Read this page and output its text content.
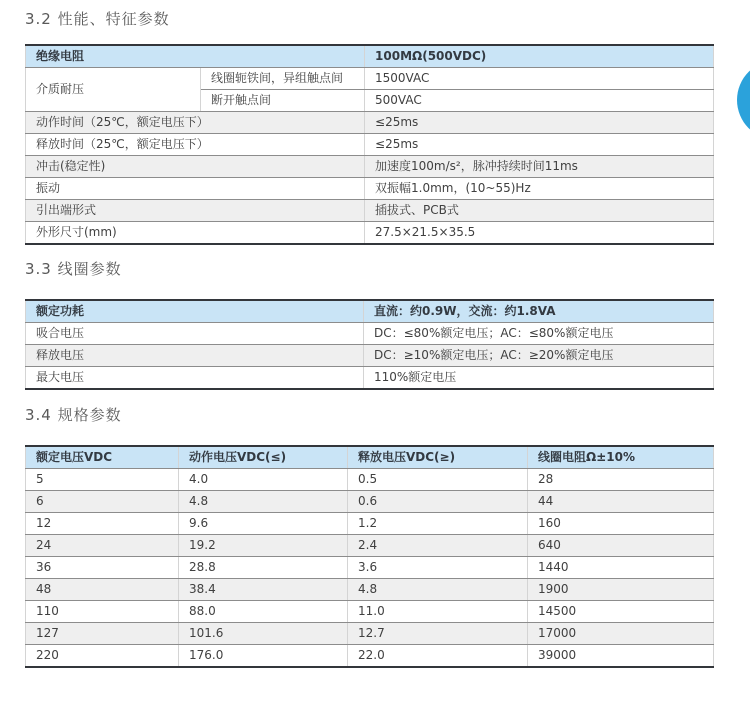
3.2 性能、特征参数
绝缘电阻		100MΩ(500VDC)
介质耐压	线圈轭铁间，异组触点间	1500VAC
	断开触点间	500VAC
动作时间（25℃，额定电压下）		≤25ms
释放时间（25℃，额定电压下）		≤25ms
冲击(稳定性)		加速度100m/s²，脉冲持续时间11ms
振动		双振幅1.0mm，(10~55)Hz
引出端形式		插拔式、PCB式
外形尺寸(mm)		27.5×21.5×35.5
3.3 线圈参数
额定功耗	直流：约0.9W，交流：约1.8VA
吸合电压	DC：≤80%额定电压；AC：≤80%额定电压
释放电压	DC：≥10%额定电压；AC：≥20%额定电压
最大电压	110%额定电压
3.4 规格参数
额定电压VDC	动作电压VDC(≤)	释放电压VDC(≥)	线圈电阻Ω±10%
5	4.0	0.5	28
6	4.8	0.6	44
12	9.6	1.2	160
24	19.2	2.4	640
36	28.8	3.6	1440
48	38.4	4.8	1900
110	88.0	11.0	14500
127	101.6	12.7	17000
220	176.0	22.0	39000
